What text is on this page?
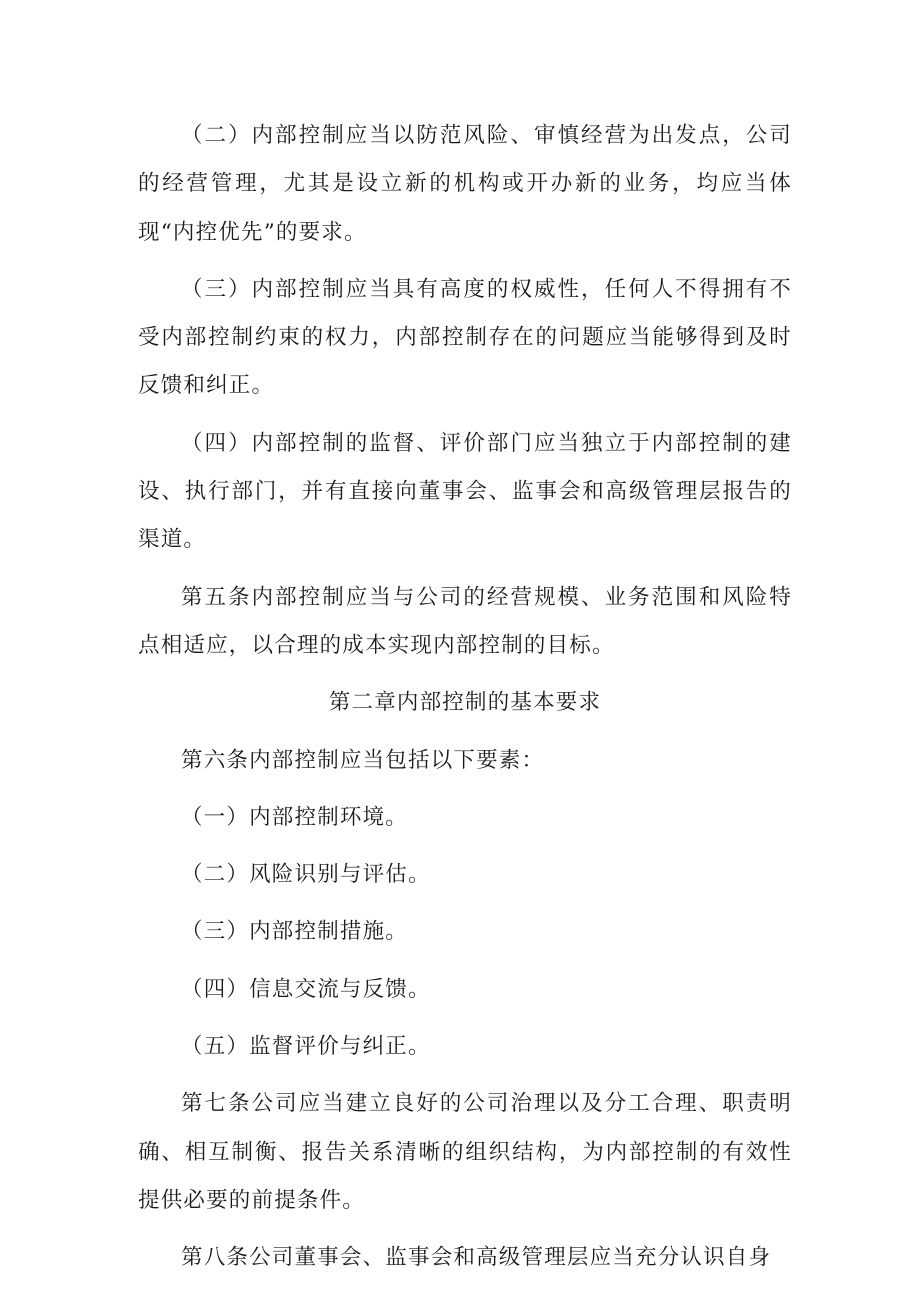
（二）内部控制应当以防范风险、审慎经营为出发点，公司的经营管理，尤其是设立新的机构或开办新的业务，均应当体现“内控优先”的要求。

（三）内部控制应当具有高度的权威性，任何人不得拥有不受内部控制约束的权力，内部控制存在的问题应当能够得到及时反馈和纠正。

（四）内部控制的监督、评价部门应当独立于内部控制的建设、执行部门，并有直接向董事会、监事会和高级管理层报告的渠道。

第五条内部控制应当与公司的经营规模、业务范围和风险特点相适应，以合理的成本实现内部控制的目标。

第二章内部控制的基本要求

第六条内部控制应当包括以下要素：

（一）内部控制环境。

（二）风险识别与评估。

（三）内部控制措施。

（四）信息交流与反馈。

（五）监督评价与纠正。

第七条公司应当建立良好的公司治理以及分工合理、职责明确、相互制衡、报告关系清晰的组织结构，为内部控制的有效性提供必要的前提条件。

第八条公司董事会、监事会和高级管理层应当充分认识自身
